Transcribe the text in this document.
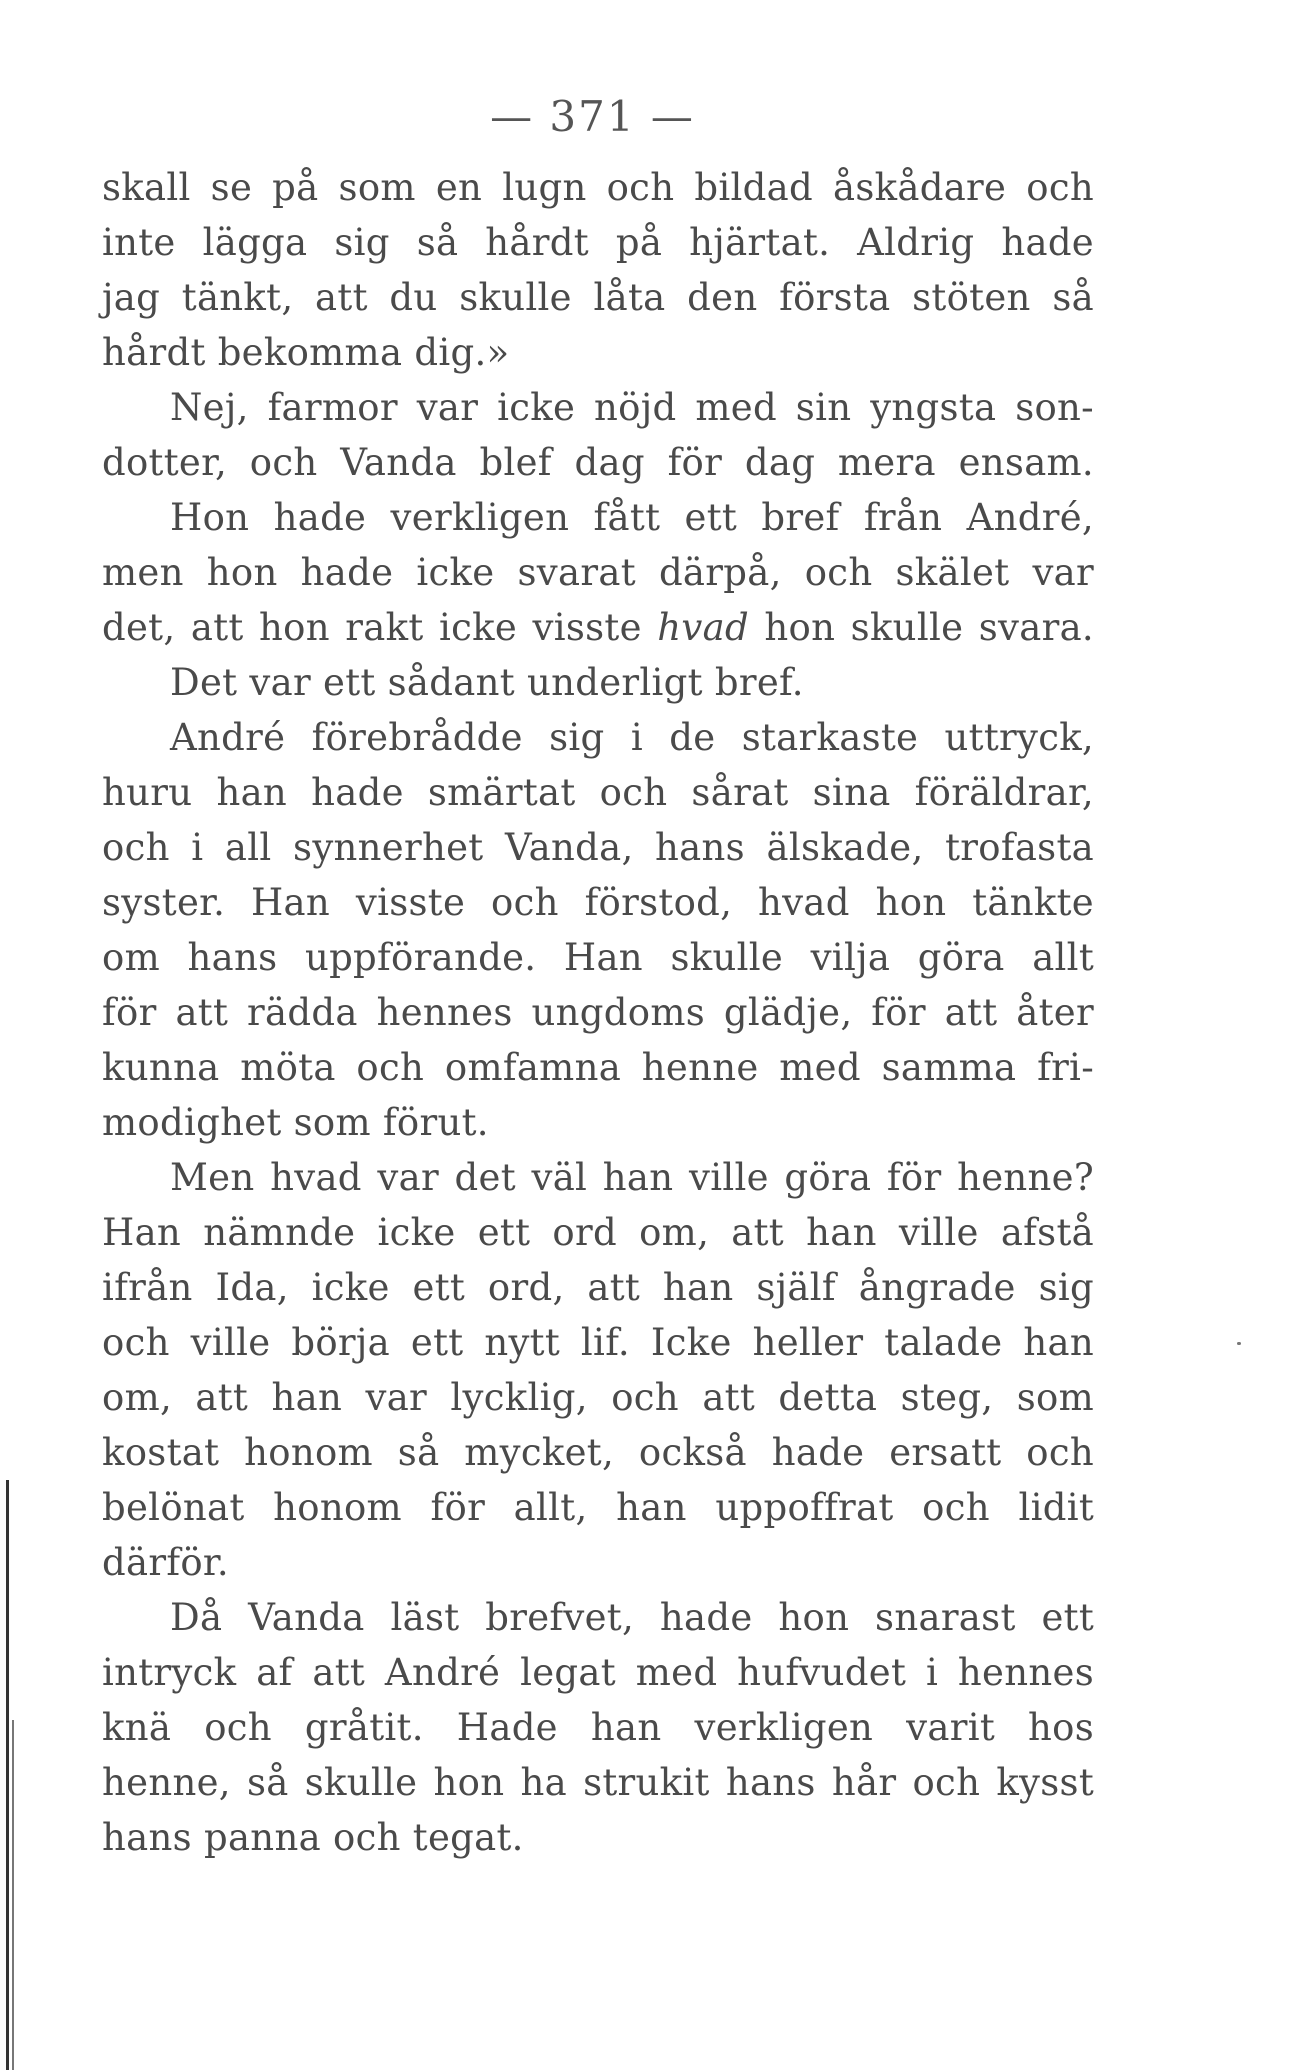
— 371 —
skall se på som en lugn och bildad åskådare och
inte lägga sig så hårdt på hjärtat. Aldrig hade
jag tänkt, att du skulle låta den första stöten så
hårdt bekomma dig.»
Nej, farmor var icke nöjd med sin yngsta son-
dotter, och Vanda blef dag för dag mera ensam.
Hon hade verkligen fått ett bref från André,
men hon hade icke svarat därpå, och skälet var
det, att hon rakt icke visste hvad hon skulle svara.
Det var ett sådant underligt bref.
André förebrådde sig i de starkaste uttryck,
huru han hade smärtat och sårat sina föräldrar,
och i all synnerhet Vanda, hans älskade, trofasta
syster. Han visste och förstod, hvad hon tänkte
om hans uppförande. Han skulle vilja göra allt
för att rädda hennes ungdoms glädje, för att åter
kunna möta och omfamna henne med samma fri-
modighet som förut.
Men hvad var det väl han ville göra för henne?
Han nämnde icke ett ord om, att han ville afstå
ifrån Ida, icke ett ord, att han själf ångrade sig
och ville börja ett nytt lif. Icke heller talade han
om, att han var lycklig, och att detta steg, som
kostat honom så mycket, också hade ersatt och
belönat honom för allt, han uppoffrat och lidit
därför.
Då Vanda läst brefvet, hade hon snarast ett
intryck af att André legat med hufvudet i hennes
knä och gråtit. Hade han verkligen varit hos
henne, så skulle hon ha strukit hans hår och kysst
hans panna och tegat.
